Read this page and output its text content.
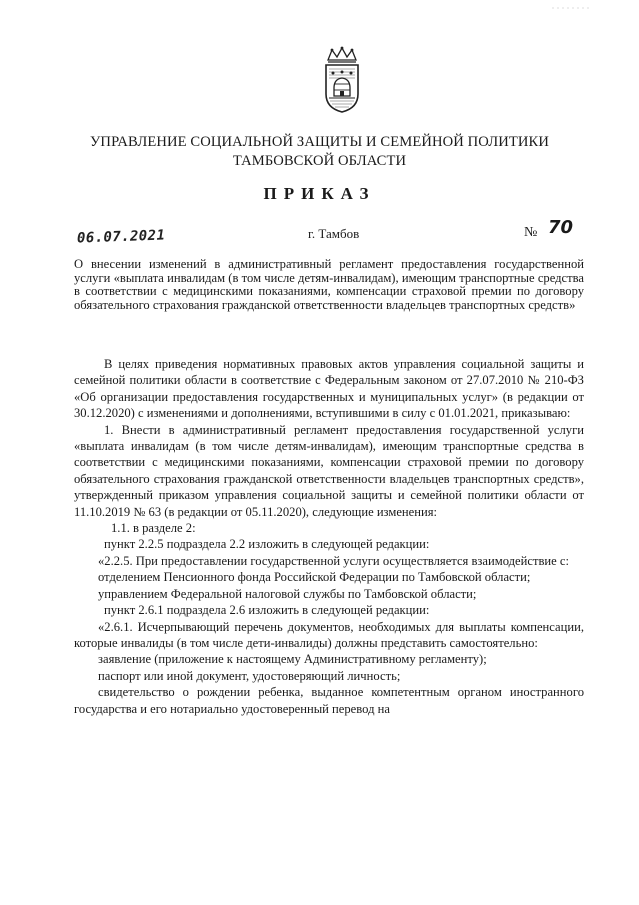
УПРАВЛЕНИЕ СОЦИАЛЬНОЙ ЗАЩИТЫ И СЕМЕЙНОЙ ПОЛИТИКИ
ТАМБОВСКОЙ ОБЛАСТИ
ПРИКАЗ
06.07.2021	г. Тамбов	№ 70

О внесении изменений в административный регламент предоставления государственной услуги «выплата инвалидам (в том числе детям-инвалидам), имеющим транспортные средства в соответствии с медицинскими показаниями, компенсации страховой премии по договору обязательного страхования гражданской ответственности владельцев транспортных средств»

В целях приведения нормативных правовых актов управления социальной защиты и семейной политики области в соответствие с Федеральным законом от 27.07.2010 № 210-ФЗ «Об организации предоставления государственных и муниципальных услуг» (в редакции от 30.12.2020) с изменениями и дополнениями, вступившими в силу с 01.01.2021, приказываю:

1. Внести в административный регламент предоставления государственной услуги «выплата инвалидам (в том числе детям-инвалидам), имеющим транспортные средства в соответствии с медицинскими показаниями, компенсации страховой премии по договору обязательного страхования гражданской ответственности владельцев транспортных средств», утвержденный приказом управления социальной защиты и семейной политики области от 11.10.2019 № 63 (в редакции от 05.11.2020), следующие изменения:

1.1. в разделе 2:

пункт 2.2.5 подраздела 2.2 изложить в следующей редакции:

«2.2.5. При предоставлении государственной услуги осуществляется взаимодействие с:

отделением Пенсионного фонда Российской Федерации по Тамбовской области;

управлением Федеральной налоговой службы по Тамбовской области;

пункт 2.6.1 подраздела 2.6 изложить в следующей редакции:

«2.6.1. Исчерпывающий перечень документов, необходимых для выплаты компенсации, которые инвалиды (в том числе дети-инвалиды) должны представить самостоятельно:

заявление (приложение к настоящему Административному регламенту);

паспорт или иной документ, удостоверяющий личность;

свидетельство о рождении ребенка, выданное компетентным органом иностранного государства и его нотариально удостоверенный перевод на
